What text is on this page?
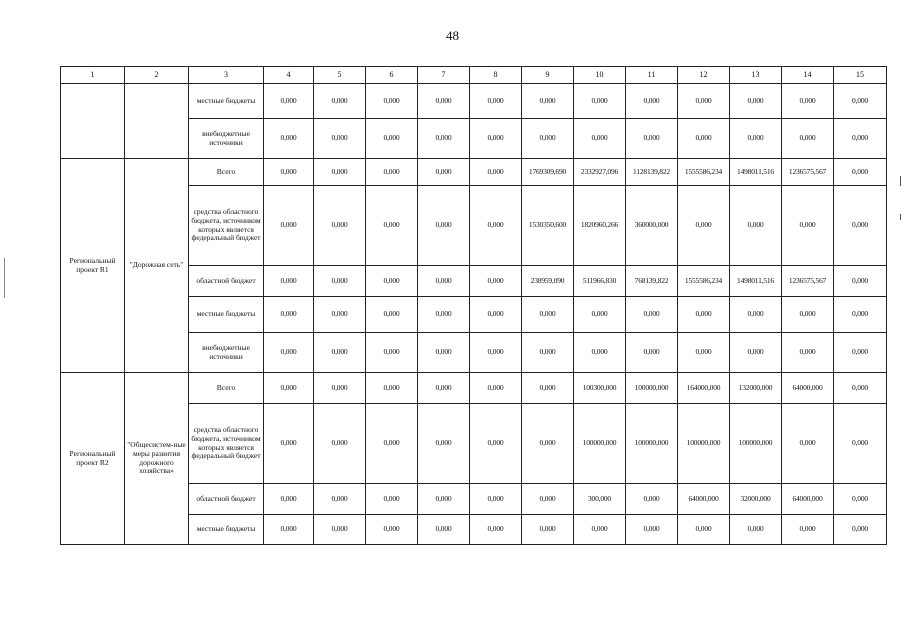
48
1	2	3	4	5	6	7	8	9	10	11	12	13	14	15
		местные бюджеты	0,000	0,000	0,000	0,000	0,000	0,000	0,000	0,000	0,000	0,000	0,000	0,000
		внебюджетные источники	0,000	0,000	0,000	0,000	0,000	0,000	0,000	0,000	0,000	0,000	0,000	0,000
Региональный проект R1	"Дорожная сеть"	Всего	0,000	0,000	0,000	0,000	0,000	1769309,690	2332927,096	1128139,822	1555586,234	1498011,516	1236575,567	0,000
		средства областного бюджета, источником которых является федеральный бюджет	0,000	0,000	0,000	0,000	0,000	1530350,600	1820960,266	360000,000	0,000	0,000	0,000	0,000
		областной бюджет	0,000	0,000	0,000	0,000	0,000	238959,090	511966,830	768139,822	1555586,234	1498011,516	1236575,567	0,000
		местные бюджеты	0,000	0,000	0,000	0,000	0,000	0,000	0,000	0,000	0,000	0,000	0,000	0,000
		внебюджетные источники	0,000	0,000	0,000	0,000	0,000	0,000	0,000	0,000	0,000	0,000	0,000	0,000
Региональный проект R2	"Общесистем-ные меры развития дорожного хозяйства»	Всего	0,000	0,000	0,000	0,000	0,000	0,000	100300,000	100000,000	164000,000	132000,000	64000,000	0,000
		средства областного бюджета, источником которых является федеральный бюджет	0,000	0,000	0,000	0,000	0,000	0,000	100000,000	100000,000	100000,000	100000,000	0,000	0,000
		областной бюджет	0,000	0,000	0,000	0,000	0,000	0,000	300,000	0,000	64000,000	32000,000	64000,000	0,000
		местные бюджеты	0,000	0,000	0,000	0,000	0,000	0,000	0,000	0,000	0,000	0,000	0,000	0,000
